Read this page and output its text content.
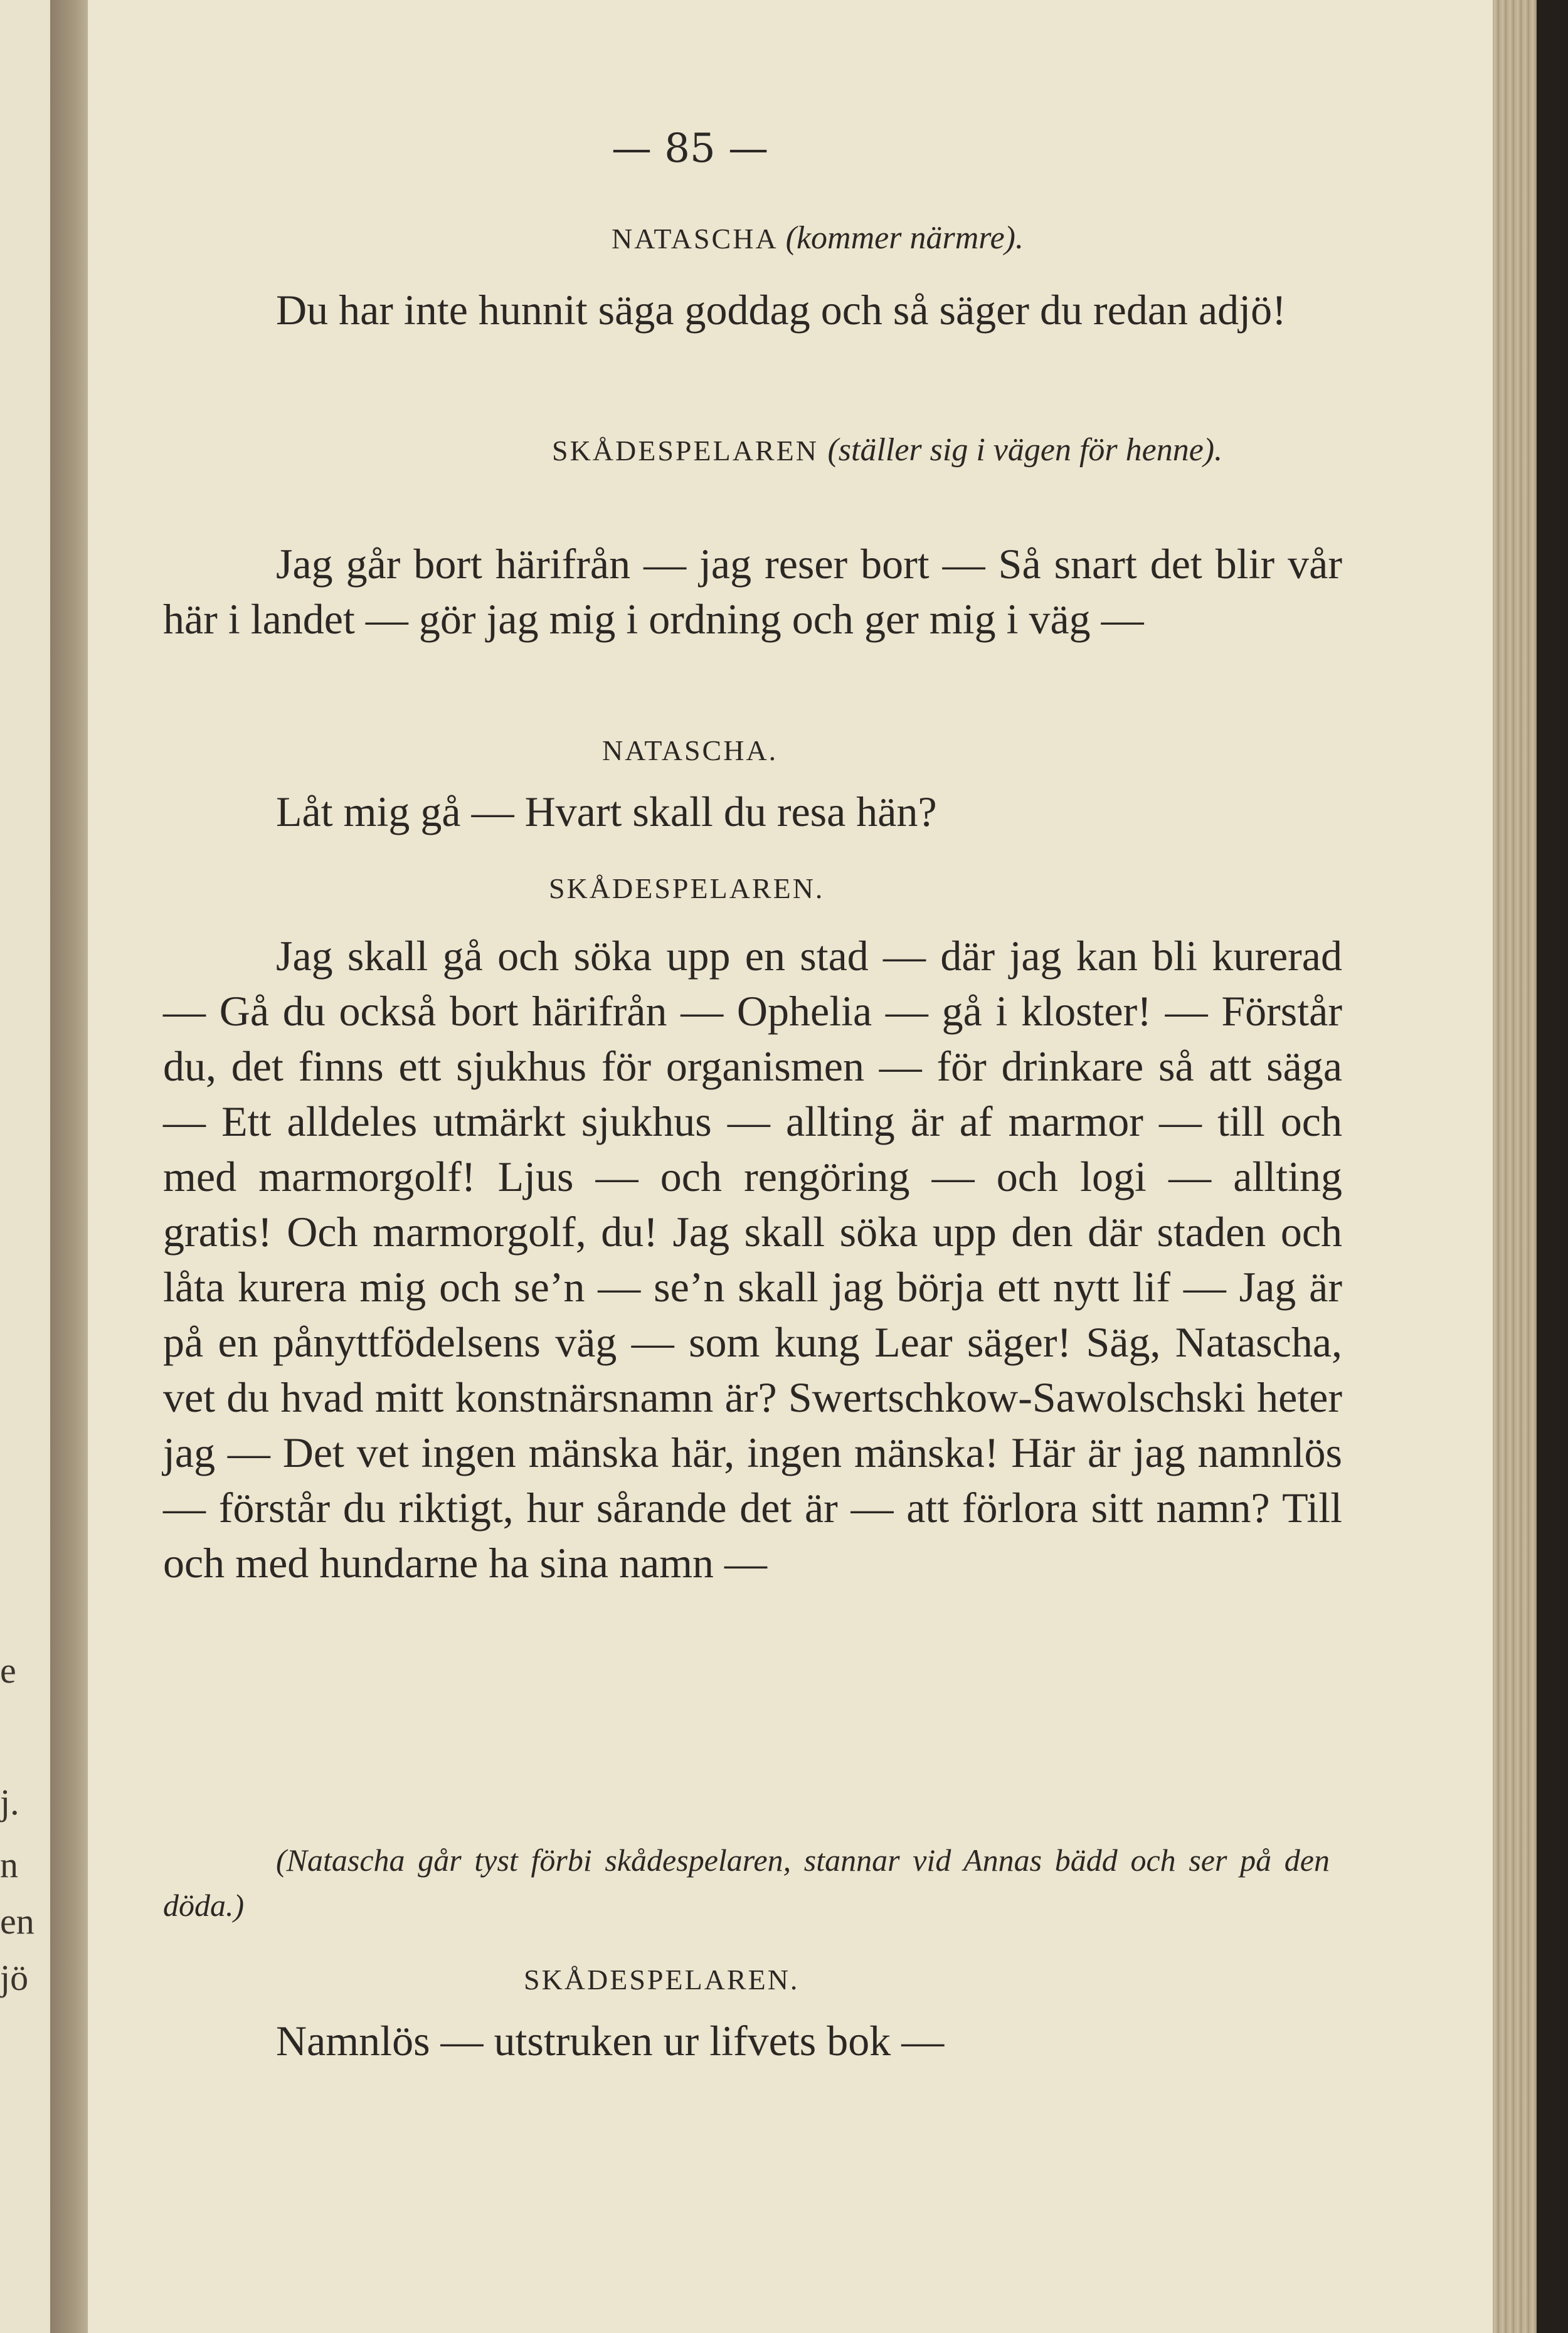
e
j.
n
en
jö
— 85 —
NATASCHA (kommer närmre).

Du har inte hunnit säga goddag och så säger du redan adjö!

SKÅDESPELAREN (ställer sig i vägen för henne).

Jag går bort härifrån — jag reser bort — Så snart det blir vår här i landet — gör jag mig i ordning och ger mig i väg —

NATASCHA.

Låt mig gå — Hvart skall du resa hän?

SKÅDESPELAREN.

Jag skall gå och söka upp en stad — där jag kan bli kurerad — Gå du också bort härifrån — Ophelia — gå i kloster! — Förstår du, det finns ett sjukhus för organismen — för drinkare så att säga — Ett alldeles utmärkt sjukhus — allting är af marmor — till och med marmorgolf! Ljus — och rengöring — och logi — allting gratis! Och marmorgolf, du! Jag skall söka upp den där staden och låta kurera mig och se’n — se’n skall jag börja ett nytt lif — Jag är på en pånyttfödelsens väg — som kung Lear säger! Säg, Natascha, vet du hvad mitt konstnärsnamn är? Swertschkow-Sawolschski heter jag — Det vet ingen mänska här, ingen mänska! Här är jag namnlös — förstår du riktigt, hur sårande det är — att förlora sitt namn? Till och med hundarne ha sina namn —

(Natascha går tyst förbi skådespelaren, stannar vid Annas bädd och ser på den döda.)

SKÅDESPELAREN.

Namnlös — utstruken ur lifvets bok —
